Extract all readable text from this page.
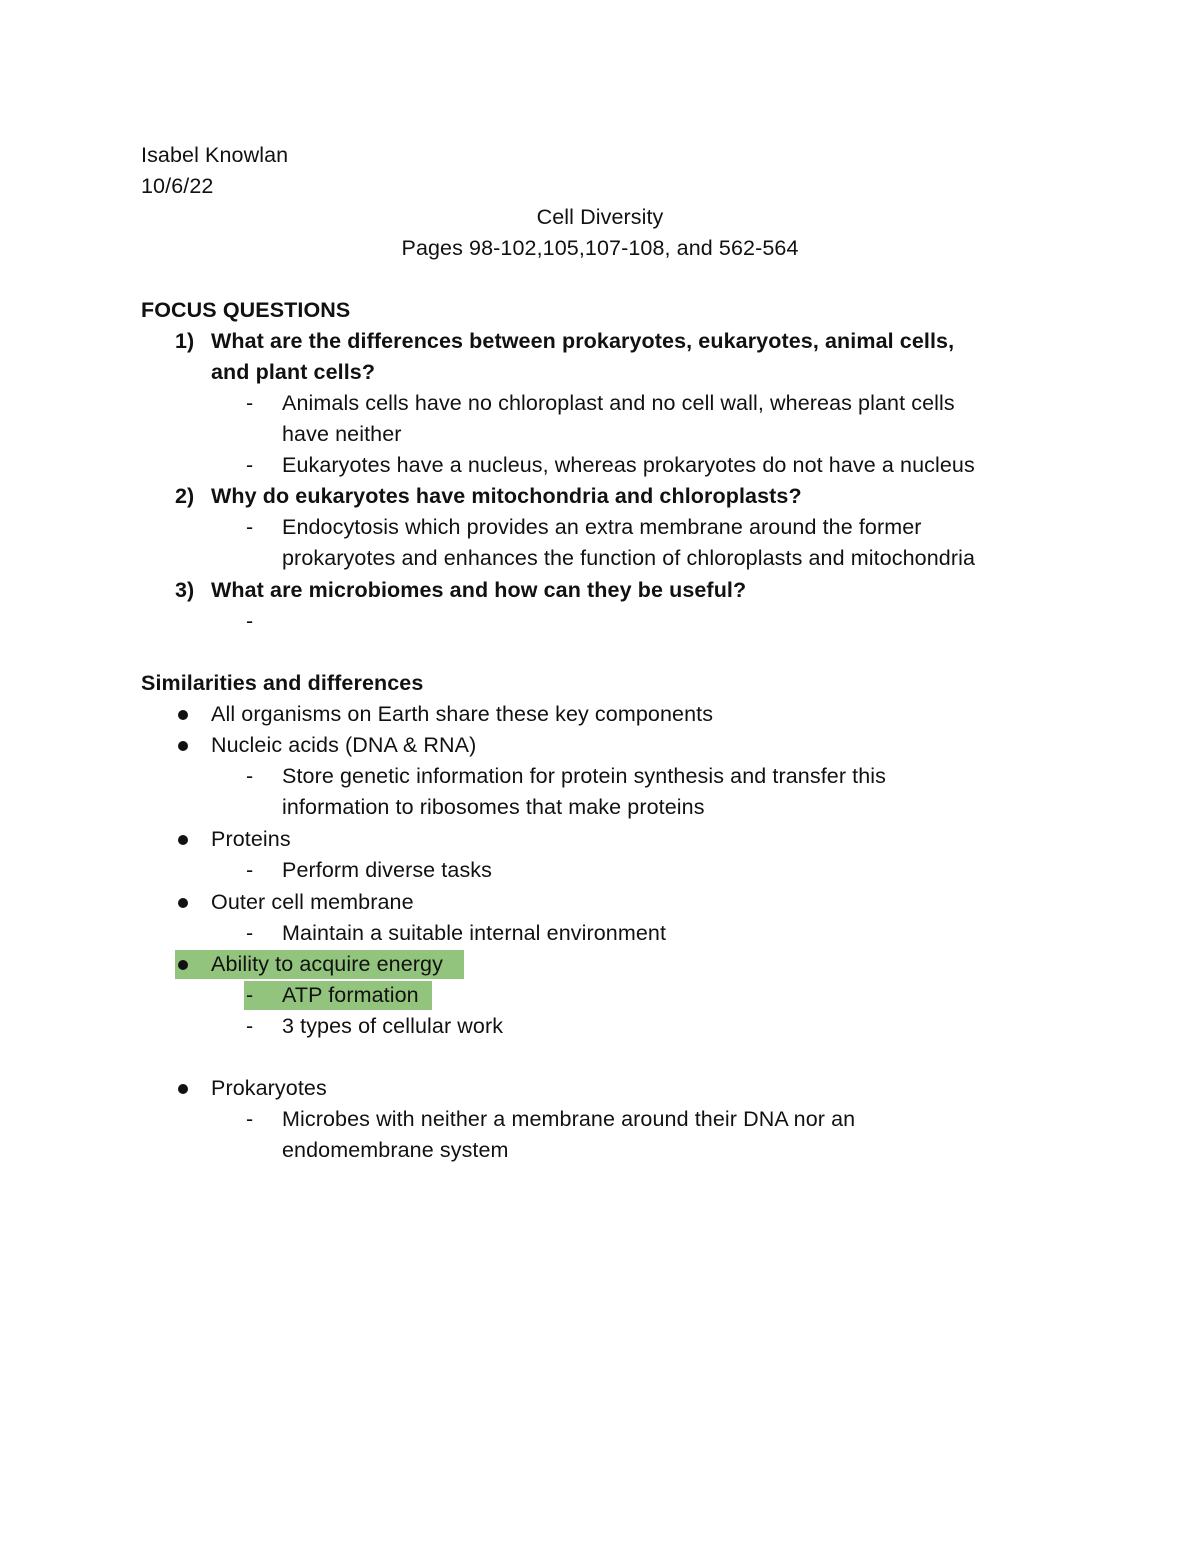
Isabel Knowlan
10/6/22
Cell Diversity
Pages 98-102,105,107-108, and 562-564
FOCUS QUESTIONS
1) What are the differences between prokaryotes, eukaryotes, animal cells,
and plant cells?
- Animals cells have no chloroplast and no cell wall, whereas plant cells
have neither
- Eukaryotes have a nucleus, whereas prokaryotes do not have a nucleus
2) Why do eukaryotes have mitochondria and chloroplasts?
- Endocytosis which provides an extra membrane around the former
prokaryotes and enhances the function of chloroplasts and mitochondria
3) What are microbiomes and how can they be useful?
-
Similarities and differences
All organisms on Earth share these key components
Nucleic acids (DNA & RNA)
- Store genetic information for protein synthesis and transfer this
information to ribosomes that make proteins
Proteins
- Perform diverse tasks
Outer cell membrane
- Maintain a suitable internal environment
Ability to acquire energy
- ATP formation
- 3 types of cellular work
Prokaryotes
- Microbes with neither a membrane around their DNA nor an
endomembrane system
